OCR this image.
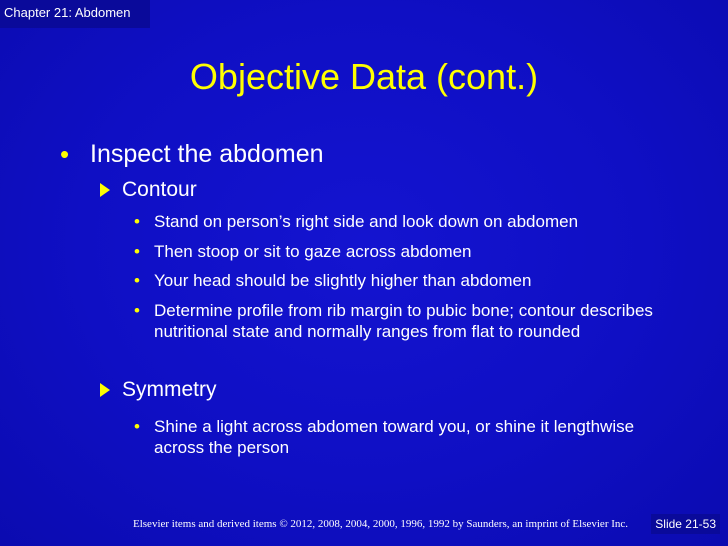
Chapter 21: Abdomen
Objective Data (cont.)
• Inspect the abdomen
Contour
• Stand on person’s right side and look down on abdomen
• Then stoop or sit to gaze across abdomen
• Your head should be slightly higher than abdomen
• Determine profile from rib margin to pubic bone; contour describes nutritional state and normally ranges from flat to rounded
Symmetry
• Shine a light across abdomen toward you, or shine it lengthwise across the person
Elsevier items and derived items © 2012, 2008, 2004, 2000, 1996, 1992 by Saunders, an imprint of Elsevier Inc.	Slide 21-53
